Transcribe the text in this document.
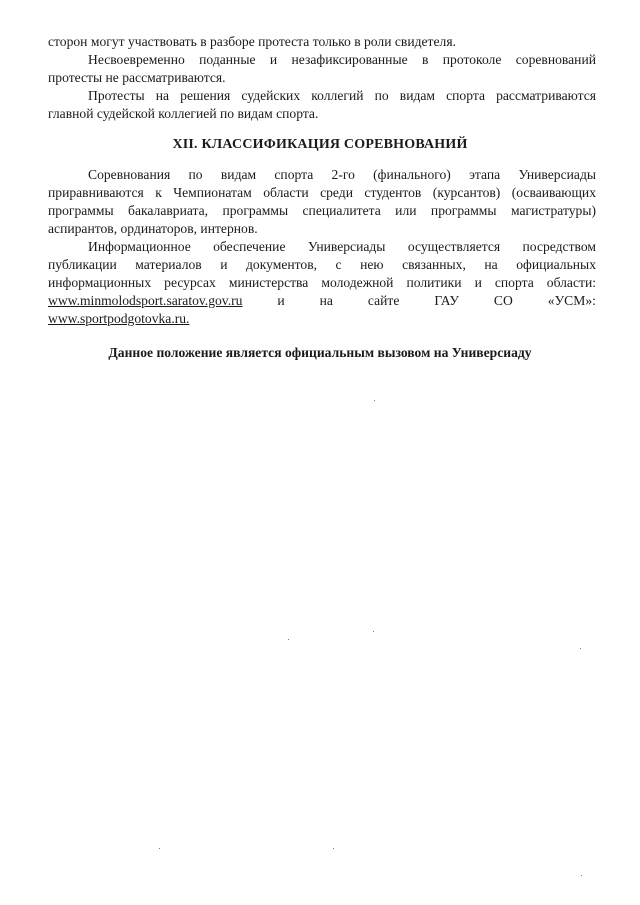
сторон могут участвовать в разборе протеста только в роли свидетеля.
Несвоевременно поданные и незафиксированные в протоколе соревнований
протесты не рассматриваются.
Протесты на решения судейских коллегий по видам спорта рассматриваются
главной судейской коллегией по видам спорта.
XII. КЛАССИФИКАЦИЯ СОРЕВНОВАНИЙ
Соревнования по видам спорта 2-го (финального) этапа Универсиады
приравниваются к Чемпионатам области среди студентов (курсантов) (осваивающих
программы бакалавриата, программы специалитета или программы магистратуры)
аспирантов, ординаторов, интернов.
Информационное обеспечение Универсиады осуществляется посредством
публикации материалов и документов, с нею связанных, на официальных
информационных ресурсах министерства молодежной политики и спорта области:
www.minmolodsport.saratov.gov.ru	и	на	сайте	ГАУ	СО	«УСМ»:
www.sportpodgotovka.ru.
Данное положение является официальным вызовом на Универсиаду
